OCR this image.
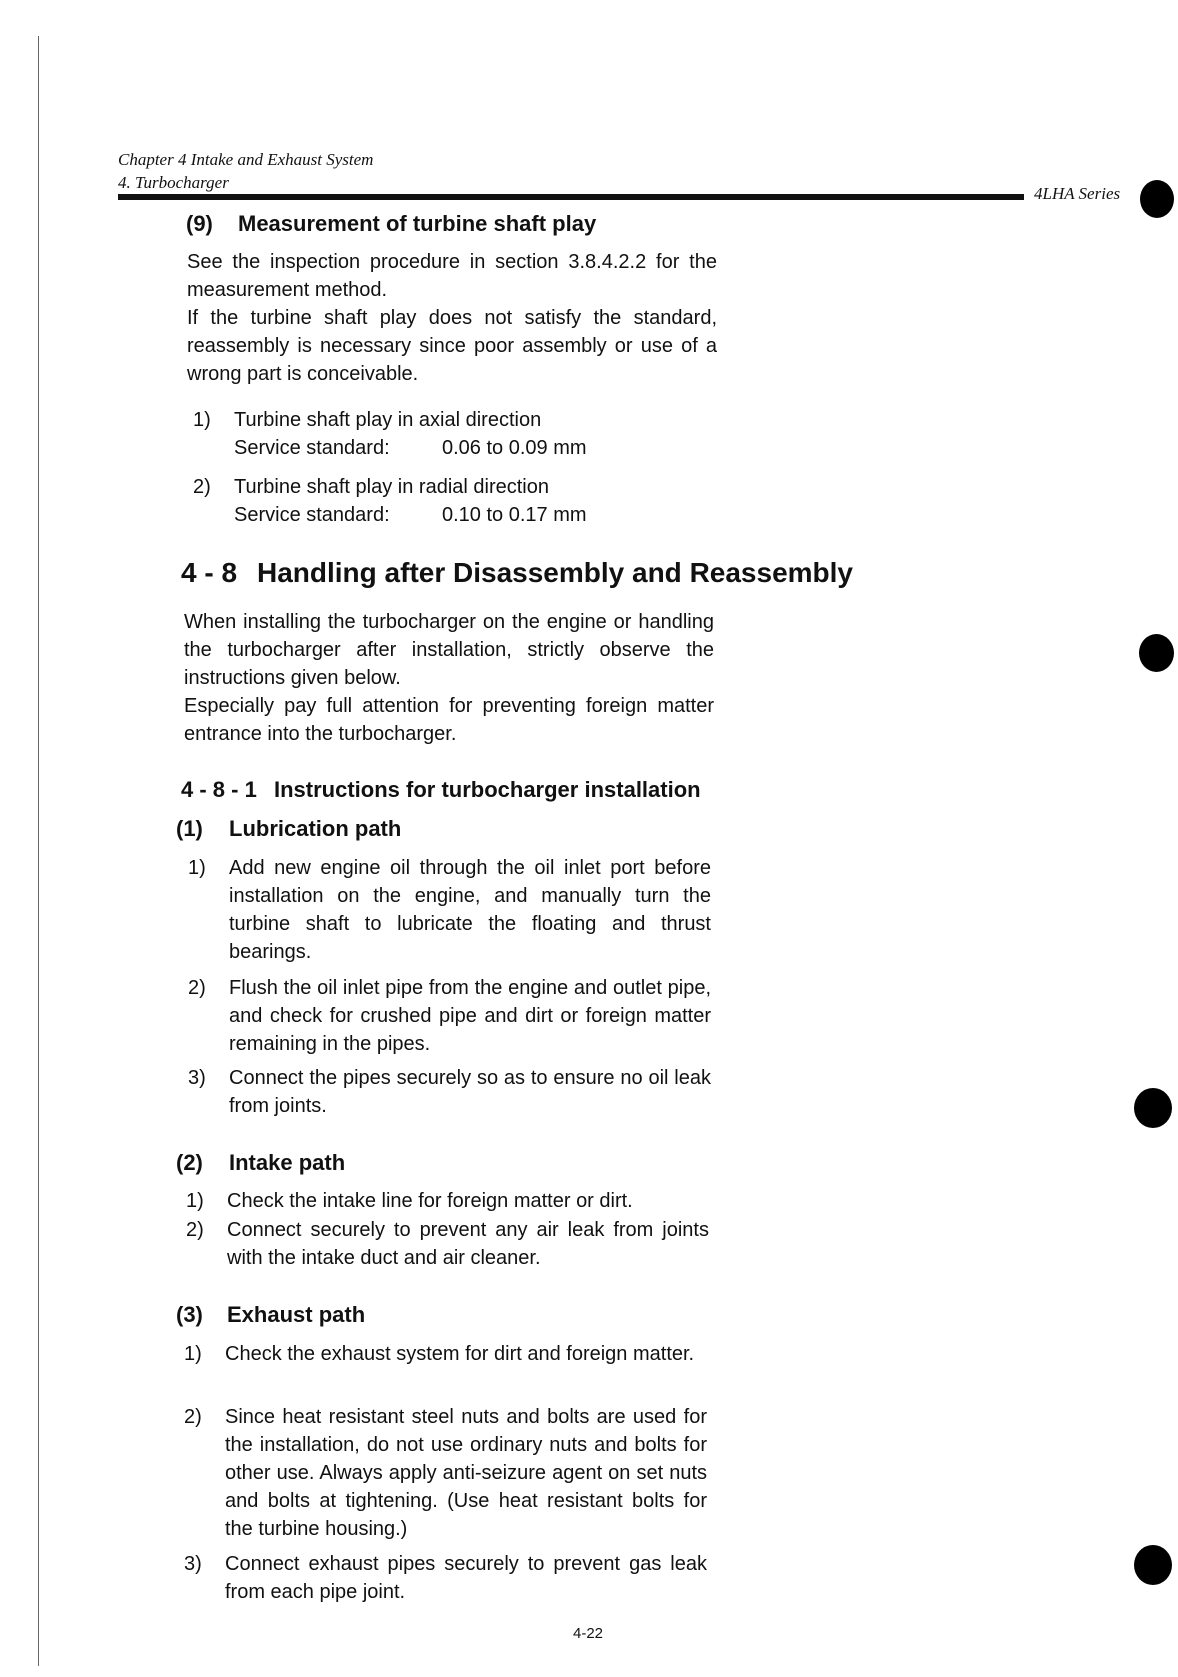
Chapter 4 Intake and Exhaust System
4. Turbocharger
4LHA Series
(9) Measurement of turbine shaft play
See the inspection procedure in section 3.8.4.2.2 for the measurement method.
If the turbine shaft play does not satisfy the standard, reassembly is necessary since poor assembly or use of a wrong part is conceivable.
1) Turbine shaft play in axial direction
Service standard:	0.06 to 0.09 mm
2) Turbine shaft play in radial direction
Service standard:	0.10 to 0.17 mm
4 - 8 Handling after Disassembly and Reassembly
When installing the turbocharger on the engine or handling the turbocharger after installation, strictly observe the instructions given below.
Especially pay full attention for preventing foreign matter entrance into the turbocharger.
4 - 8 - 1 Instructions for turbocharger installation
(1) Lubrication path
Add new engine oil through the oil inlet port before installation on the engine, and manually turn the turbine shaft to lubricate the floating and thrust bearings.
1)
Flush the oil inlet pipe from the engine and outlet pipe, and check for crushed pipe and dirt or foreign matter remaining in the pipes.
2)
Connect the pipes securely so as to ensure no oil leak from joints.
3)
(2) Intake path
Check the intake line for foreign matter or dirt.
1)
Connect securely to prevent any air leak from joints with the intake duct and air cleaner.
2)
(3) Exhaust path
Check the exhaust system for dirt and foreign matter.
1)
Since heat resistant steel nuts and bolts are used for the installation, do not use ordinary nuts and bolts for other use. Always apply anti-seizure agent on set nuts and bolts at tightening. (Use heat resistant bolts for the turbine housing.)
2)
Connect exhaust pipes securely to prevent gas leak from each pipe joint.
3)
4-22
